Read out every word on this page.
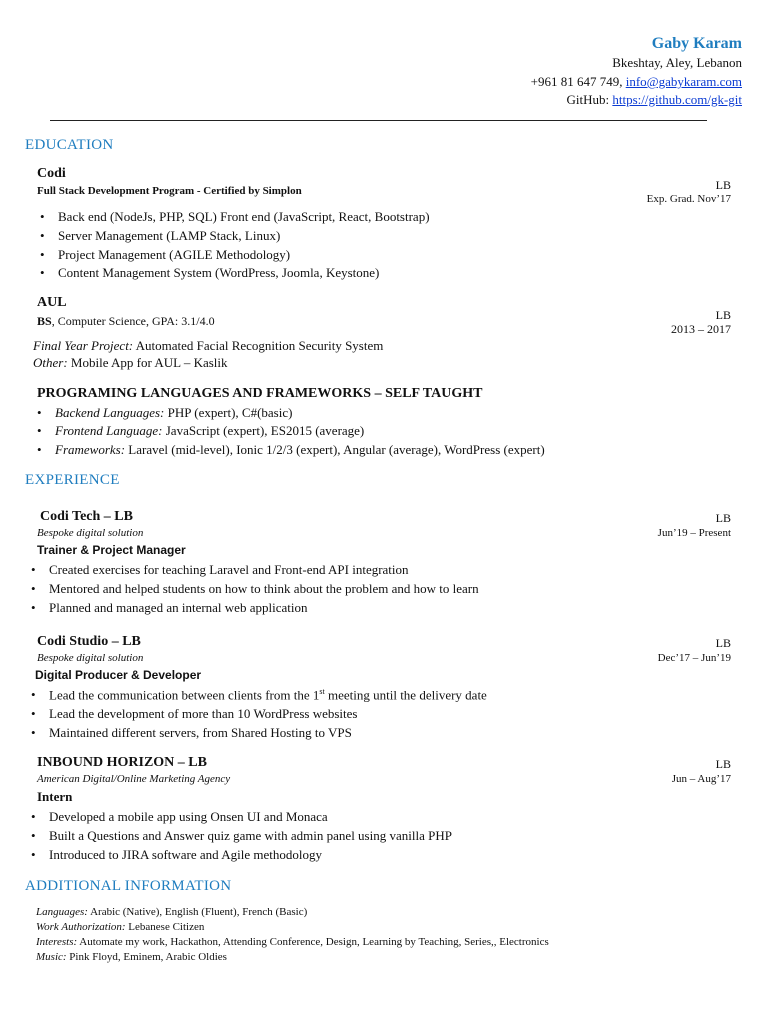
Gaby Karam
Bkeshtay, Aley, Lebanon
+961 81 647 749, info@gabykaram.com
GitHub: https://github.com/gk-git
EDUCATION
Codi
Full Stack Development Program - Certified by Simplon	LB
Exp. Grad. Nov’17
• Back end (NodeJs, PHP, SQL) Front end (JavaScript, React, Bootstrap)
• Server Management (LAMP Stack, Linux)
• Project Management (AGILE Methodology)
• Content Management System (WordPress, Joomla, Keystone)
AUL
BS, Computer Science, GPA: 3.1/4.0	LB
2013 – 2017
Final Year Project: Automated Facial Recognition Security System
Other: Mobile App for AUL – Kaslik
PROGRAMING LANGUAGES AND FRAMEWORKS – SELF TAUGHT
• Backend Languages: PHP (expert), C#(basic)
• Frontend Language: JavaScript (expert), ES2015 (average)
• Frameworks: Laravel (mid-level), Ionic 1/2/3 (expert), Angular (average), WordPress (expert)
EXPERIENCE
Codi Tech – LB
Bespoke digital solution
Trainer & Project Manager
LB
Jun’19 – Present
• Created exercises for teaching Laravel and Front-end API integration
• Mentored and helped students on how to think about the problem and how to learn
• Planned and managed an internal web application
Codi Studio – LB
Bespoke digital solution
Digital Producer & Developer
LB
Dec’17 – Jun’19
• Lead the communication between clients from the 1st meeting until the delivery date
• Lead the development of more than 10 WordPress websites
• Maintained different servers, from Shared Hosting to VPS
INBOUND HORIZON – LB
American Digital/Online Marketing Agency
Intern
LB
Jun – Aug’17
• Developed a mobile app using Onsen UI and Monaca
• Built a Questions and Answer quiz game with admin panel using vanilla PHP
• Introduced to JIRA software and Agile methodology
ADDITIONAL INFORMATION
Languages: Arabic (Native), English (Fluent), French (Basic)
Work Authorization: Lebanese Citizen
Interests: Automate my work, Hackathon, Attending Conference, Design, Learning by Teaching, Series,, Electronics
Music: Pink Floyd, Eminem, Arabic Oldies
